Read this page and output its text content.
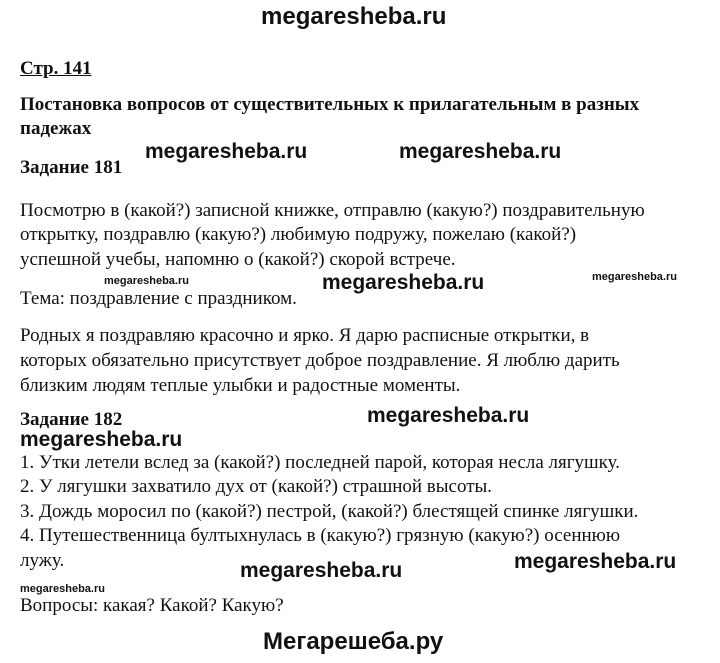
megaresheba.ru
Стр. 141
Постановка вопросов от существительных к прилагательным в разных
падежах
Задание 181
megaresheba.ru	megaresheba.ru
Посмотрю в (какой?) записной книжке, отправлю (какую?) поздравительную
открытку, поздравлю (какую?) любимую подружу, пожелаю (какой?)
успешной учебы, напомню о (какой?) скорой встрече.
megaresheba.ru	megaresheba.ru	megaresheba.ru
Тема: поздравление с праздником.
Родных я поздравляю красочно и ярко. Я дарю расписные открытки, в
которых обязательно присутствует доброе поздравление. Я люблю дарить
близким людям теплые улыбки и радостные моменты.
Задание 182	megaresheba.ru
megaresheba.ru
1. Утки летели вслед за (какой?) последней парой, которая несла лягушку.
2. У лягушки захватило дух от (какой?) страшной высоты.
3. Дождь моросил по (какой?) пестрой, (какой?) блестящей спинке лягушки.
4. Путешественница бултыхнулась в (какую?) грязную (какую?) осеннюю
лужу.
megaresheba.ru
megaresheba.ru	megaresheba.ru
Вопросы: какая? Какой? Какую?
Мегарешеба.ру
